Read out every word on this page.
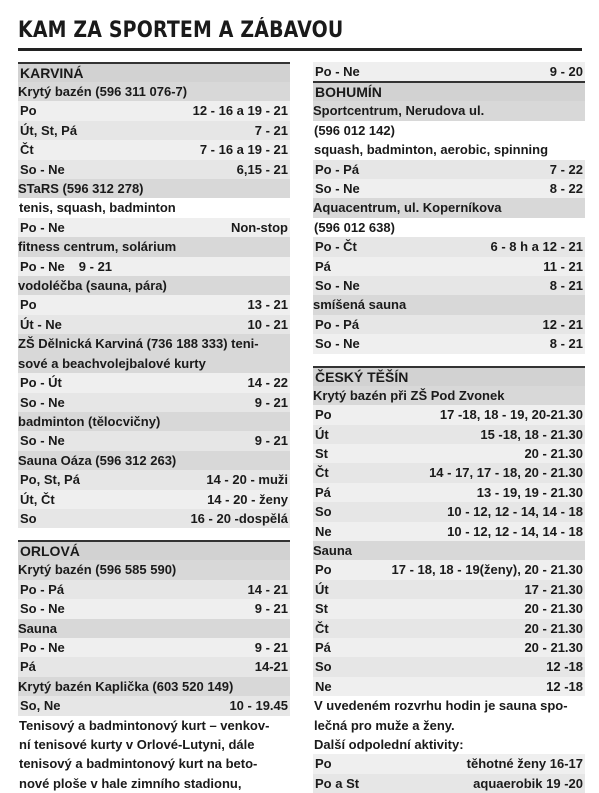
KAM ZA SPORTEM A ZÁBAVOU
KARVINÁ
Krytý bazén (596 311 076-7)
Po	12 - 16 a 19 - 21
Út, St, Pá	7 - 21
Čt	7 - 16 a 19 - 21
So - Ne	6,15 - 21
STaRS (596 312 278)
tenis, squash, badminton
Po - Ne	Non-stop
fitness centrum, solárium
Po - Ne 9 - 21
vodoléčba (sauna, pára)
Po	13 - 21
Út - Ne	10 - 21
ZŠ Dělnická Karviná (736 188 333) teni-
sové a beachvolejbalové kurty
Po - Út	14 - 22
So - Ne	9 - 21
badminton (tělocvičny)
So - Ne	9 - 21
Sauna Oáza (596 312 263)
Po, St, Pá	14 - 20 - muži
Út, Čt	14 - 20 - ženy
So	16 - 20 -dospělá
ORLOVÁ
Krytý bazén (596 585 590)
Po - Pá	14 - 21
So - Ne	9 - 21
Sauna
Po - Ne	9 - 21
Pá	14-21
Krytý bazén Kaplička (603 520 149)
So, Ne	10 - 19.45
Tenisový a badmintonový kurt – venkov-
ní tenisové kurty v Orlové-Lutyni, dále
tenisový a badmintonový kurt na beto-
nové ploše v hale zimního stadionu,
Po - Ne	9 - 20
BOHUMÍN
Sportcentrum, Nerudova ul.
(596 012 142)
squash, badminton, aerobic, spinning
Po - Pá	7 - 22
So - Ne	8 - 22
Aquacentrum, ul. Koperníkova
(596 012 638)
Po - Čt	6 - 8 h a 12 - 21
Pá	11 - 21
So - Ne	8 - 21
smíšená sauna
Po - Pá	12 - 21
So - Ne	8 - 21
ČESKÝ TĚŠÍN
Krytý bazén při ZŠ Pod Zvonek
Po	17 -18, 18 - 19, 20-21.30
Út	15 -18, 18 - 21.30
St	20 - 21.30
Čt	14 - 17, 17 - 18, 20 - 21.30
Pá	13 - 19, 19 - 21.30
So	10 - 12, 12 - 14, 14 - 18
Ne	10 - 12, 12 - 14, 14 - 18
Sauna
Po	17 - 18, 18 - 19(ženy), 20 - 21.30
Út	17 - 21.30
St	20 - 21.30
Čt	20 - 21.30
Pá	20 - 21.30
So	12 -18
Ne	12 -18
V uvedeném rozvrhu hodin je sauna spo-
lečná pro muže a ženy.
Další odpolední aktivity:
Po	těhotné ženy 16-17
Po a St	aquaerobik 19 -20
